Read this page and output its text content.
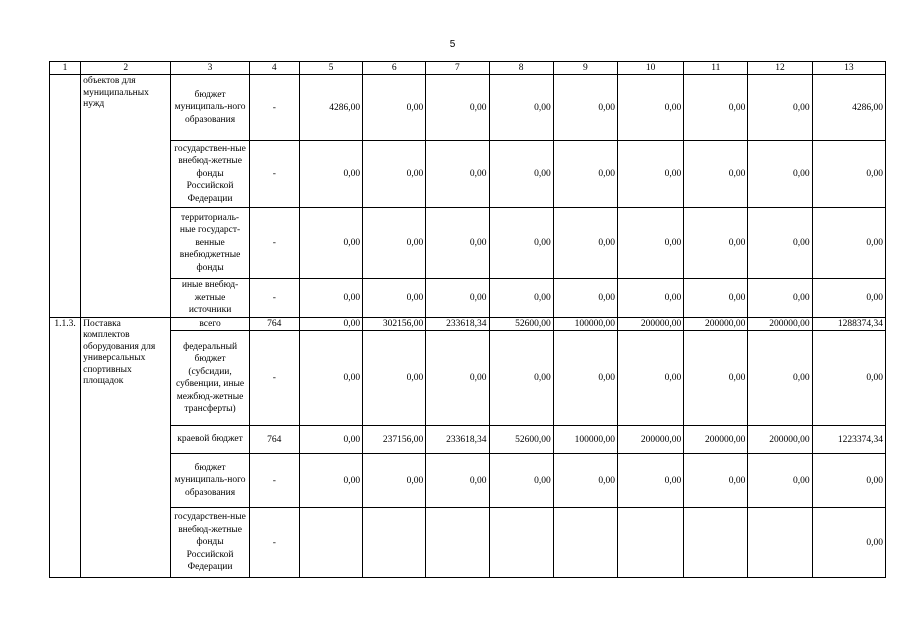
5
1	2	3	4	5	6	7	8	9	10	11	12	13
	объектов для муниципальных нужд	бюджет муниципаль-ного образования	-	4286,00	0,00	0,00	0,00	0,00	0,00	0,00	0,00	4286,00
		государствен-ные внебюд-жетные фонды Российской Федерации	-	0,00	0,00	0,00	0,00	0,00	0,00	0,00	0,00	0,00
		территориаль-ные государст-венные внебюджетные фонды	-	0,00	0,00	0,00	0,00	0,00	0,00	0,00	0,00	0,00
		иные внебюд-жетные источники	-	0,00	0,00	0,00	0,00	0,00	0,00	0,00	0,00	0,00
1.1.3.	Поставка комплектов оборудования для универсальных спортивных площадок	всего	764	0,00	302156,00	233618,34	52600,00	100000,00	200000,00	200000,00	200000,00	1288374,34
		федеральный бюджет (субсидии, субвенции, иные межбюд-жетные трансферты)	-	0,00	0,00	0,00	0,00	0,00	0,00	0,00	0,00	0,00
		краевой бюджет	764	0,00	237156,00	233618,34	52600,00	100000,00	200000,00	200000,00	200000,00	1223374,34
		бюджет муниципаль-ного образования	-	0,00	0,00	0,00	0,00	0,00	0,00	0,00	0,00	0,00
		государствен-ные внебюд-жетные фонды Российской Федерации	-									0,00
